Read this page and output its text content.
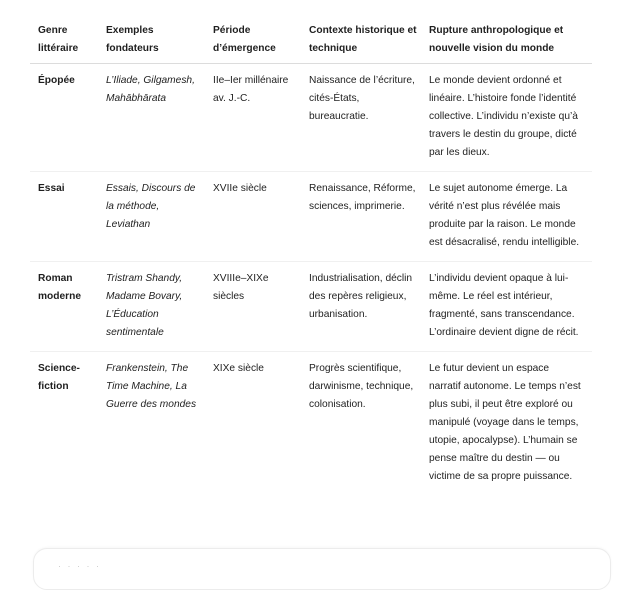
Genre littéraire	Exemples fondateurs	Période d’émergence	Contexte historique et technique	Rupture anthropologique et nouvelle vision du monde

Épopée	L’Iliade, Gilgamesh, Mahābhārata	IIe–Ier millénaire av. J.-C.	Naissance de l’écriture, cités-États, bureaucratie.	Le monde devient ordonné et linéaire. L’histoire fonde l’identité collective. L’individu n’existe qu’à travers le destin du groupe, dicté par les dieux.

Essai	Essais, Discours de la méthode, Leviathan	XVIIe siècle	Renaissance, Réforme, sciences, imprimerie.	Le sujet autonome émerge. La vérité n’est plus révélée mais produite par la raison. Le monde est désacralisé, rendu intelligible.

Roman moderne	Tristram Shandy, Madame Bovary, L’Éducation sentimentale	XVIIIe–XIXe siècles	Industrialisation, déclin des repères religieux, urbanisation.	L’individu devient opaque à lui-même. Le réel est intérieur, fragmenté, sans transcendance. L’ordinaire devient digne de récit.

Science-fiction	Frankenstein, The Time Machine, La Guerre des mondes	XIXe siècle	Progrès scientifique, darwinisme, technique, colonisation.	Le futur devient un espace narratif autonome. Le temps n’est plus subi, il peut être exploré ou manipulé (voyage dans le temps, utopie, apocalypse). L’humain se pense maître du destin — ou victime de sa propre puissance.
· · · · ·
